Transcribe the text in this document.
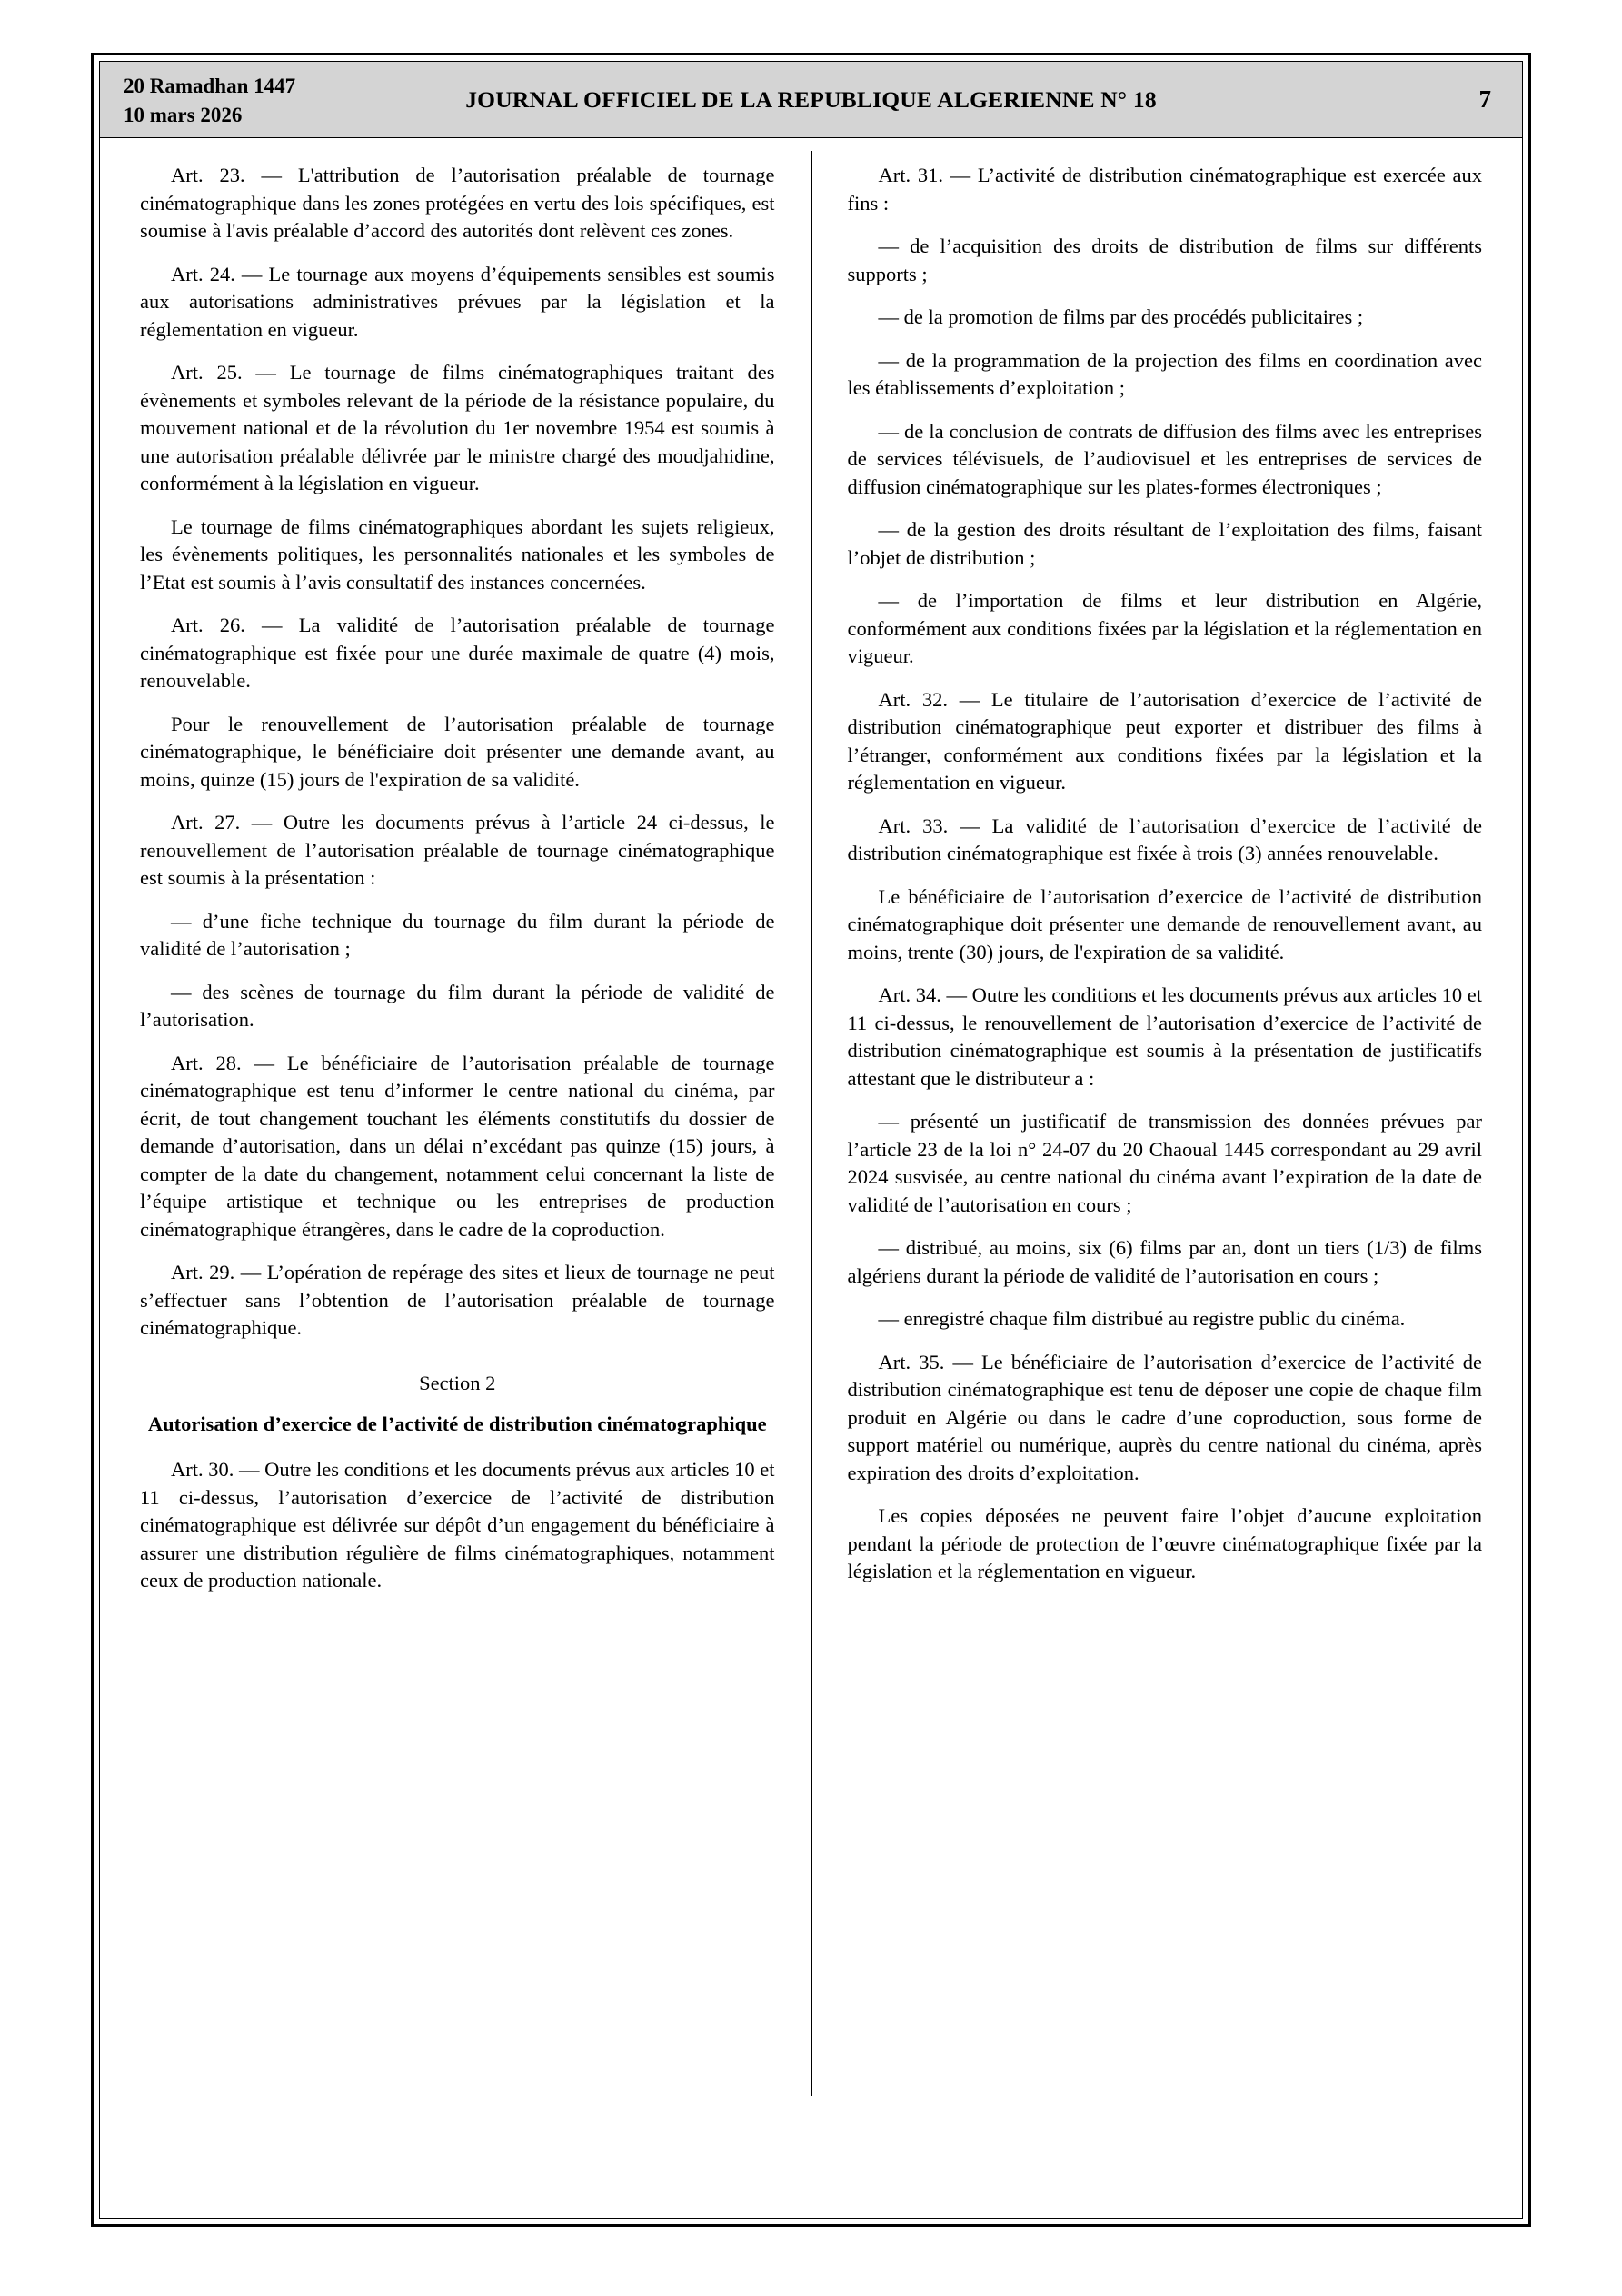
20 Ramadhan 1447
10 mars 2026
JOURNAL OFFICIEL DE LA REPUBLIQUE ALGERIENNE N° 18	7

Art. 23. — L'attribution de l’autorisation préalable de tournage cinématographique dans les zones protégées en vertu des lois spécifiques, est soumise à l'avis préalable d’accord des autorités dont relèvent ces zones.

Art. 24. — Le tournage aux moyens d’équipements sensibles est soumis aux autorisations administratives prévues par la législation et la réglementation en vigueur.

Art. 25. — Le tournage de films cinématographiques traitant des évènements et symboles relevant de la période de la résistance populaire, du mouvement national et de la révolution du 1er novembre 1954 est soumis à une autorisation préalable délivrée par le ministre chargé des moudjahidine, conformément à la législation en vigueur.

Le tournage de films cinématographiques abordant les sujets religieux, les évènements politiques, les personnalités nationales et les symboles de l’Etat est soumis à l’avis consultatif des instances concernées.

Art. 26. — La validité de l’autorisation préalable de tournage cinématographique est fixée pour une durée maximale de quatre (4) mois, renouvelable.

Pour le renouvellement de l’autorisation préalable de tournage cinématographique, le bénéficiaire doit présenter une demande avant, au moins, quinze (15) jours de l'expiration de sa validité.

Art. 27. — Outre les documents prévus à l’article 24 ci-dessus, le renouvellement de l’autorisation préalable de tournage cinématographique est soumis à la présentation :

— d’une fiche technique du tournage du film durant la période de validité de l’autorisation ;

— des scènes de tournage du film durant la période de validité de l’autorisation.

Art. 28. — Le bénéficiaire de l’autorisation préalable de tournage cinématographique est tenu d’informer le centre national du cinéma, par écrit, de tout changement touchant les éléments constitutifs du dossier de demande d’autorisation, dans un délai n’excédant pas quinze (15) jours, à compter de la date du changement, notamment celui concernant la liste de l’équipe artistique et technique ou les entreprises de production cinématographique étrangères, dans le cadre de la coproduction.

Art. 29. — L’opération de repérage des sites et lieux de tournage ne peut s’effectuer sans l’obtention de l’autorisation préalable de tournage cinématographique.

Section 2

Autorisation d’exercice de l’activité de distribution cinématographique

Art. 30. — Outre les conditions et les documents prévus aux articles 10 et 11 ci-dessus, l’autorisation d’exercice de l’activité de distribution cinématographique est délivrée sur dépôt d’un engagement du bénéficiaire à assurer une distribution régulière de films cinématographiques, notamment ceux de production nationale.

Art. 31. — L’activité de distribution cinématographique est exercée aux fins :

— de l’acquisition des droits de distribution de films sur différents supports ;

— de la promotion de films par des procédés publicitaires ;

— de la programmation de la projection des films en coordination avec les établissements d’exploitation ;

— de la conclusion de contrats de diffusion des films avec les entreprises de services télévisuels, de l’audiovisuel et les entreprises de services de diffusion cinématographique sur les plates-formes électroniques ;

— de la gestion des droits résultant de l’exploitation des films, faisant l’objet de distribution ;

— de l’importation de films et leur distribution en Algérie, conformément aux conditions fixées par la législation et la réglementation en vigueur.

Art. 32. — Le titulaire de l’autorisation d’exercice de l’activité de distribution cinématographique peut exporter et distribuer des films à l’étranger, conformément aux conditions fixées par la législation et la réglementation en vigueur.

Art. 33. — La validité de l’autorisation d’exercice de l’activité de distribution cinématographique est fixée à trois (3) années renouvelable.

Le bénéficiaire de l’autorisation d’exercice de l’activité de distribution cinématographique doit présenter une demande de renouvellement avant, au moins, trente (30) jours, de l'expiration de sa validité.

Art. 34. — Outre les conditions et les documents prévus aux articles 10 et 11 ci-dessus, le renouvellement de l’autorisation d’exercice de l’activité de distribution cinématographique est soumis à la présentation de justificatifs attestant que le distributeur a :

— présenté un justificatif de transmission des données prévues par l’article 23 de la loi n° 24-07 du 20 Chaoual 1445 correspondant au 29 avril 2024 susvisée, au centre national du cinéma avant l’expiration de la date de validité de l’autorisation en cours ;

— distribué, au moins, six (6) films par an, dont un tiers (1/3) de films algériens durant la période de validité de l’autorisation en cours ;

— enregistré chaque film distribué au registre public du cinéma.

Art. 35. — Le bénéficiaire de l’autorisation d’exercice de l’activité de distribution cinématographique est tenu de déposer une copie de chaque film produit en Algérie ou dans le cadre d’une coproduction, sous forme de support matériel ou numérique, auprès du centre national du cinéma, après expiration des droits d’exploitation.

Les copies déposées ne peuvent faire l’objet d’aucune exploitation pendant la période de protection de l’œuvre cinématographique fixée par la législation et la réglementation en vigueur.
